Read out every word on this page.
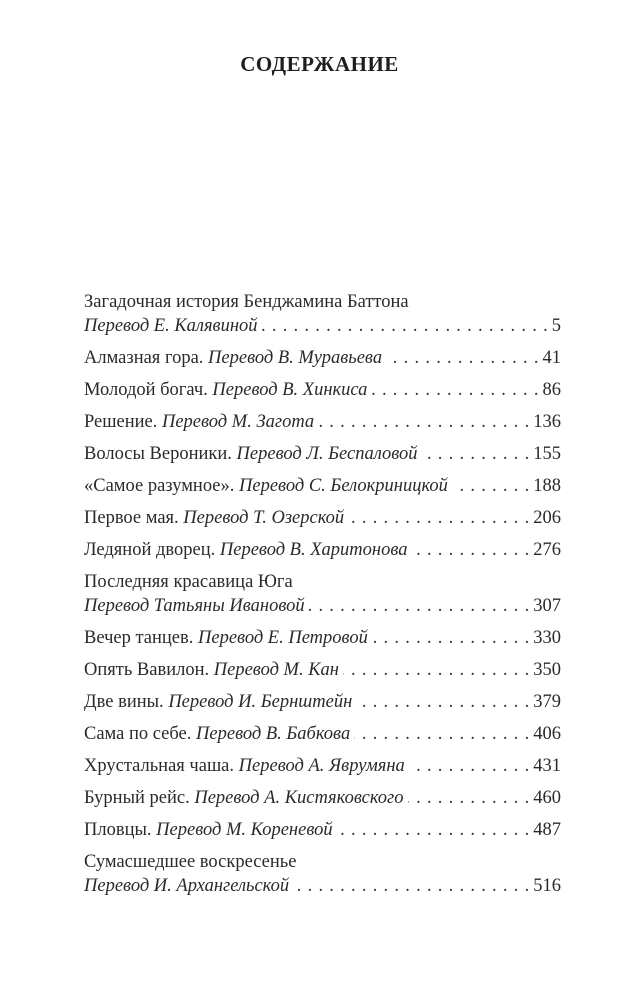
СОДЕРЖАНИЕ
Загадочная история Бенджамина Баттона
Перевод Е. Калявиной . . .	5
Алмазная гора.
Перевод В. Муравьева . . .	41
Молодой богач.
Перевод В. Хинкиса . . .	86
Решение.
Перевод М. Загота . . .	136
Волосы Вероники.
Перевод Л. Беспаловой . . .	155
«Самое разумное».
Перевод С. Белокриницкой . . .	188
Первое мая.
Перевод Т. Озерской . . .	206
Ледяной дворец.
Перевод В. Харитонова . . .	276
Последняя красавица Юга
Перевод Татьяны Ивановой . . .	307
Вечер танцев.
Перевод Е. Петровой . . .	330
Опять Вавилон.
Перевод М. Кан . . .	350
Две вины.
Перевод И. Бернштейн . . .	379
Сама по себе.
Перевод В. Бабкова . . .	406
Хрустальная чаша.
Перевод А. Яврумяна . . .	431
Бурный рейс.
Перевод А. Кистяковского . . .	460
Пловцы.
Перевод М. Кореневой . . .	487
Сумасшедшее воскресенье
Перевод И. Архангельской . . .	516
